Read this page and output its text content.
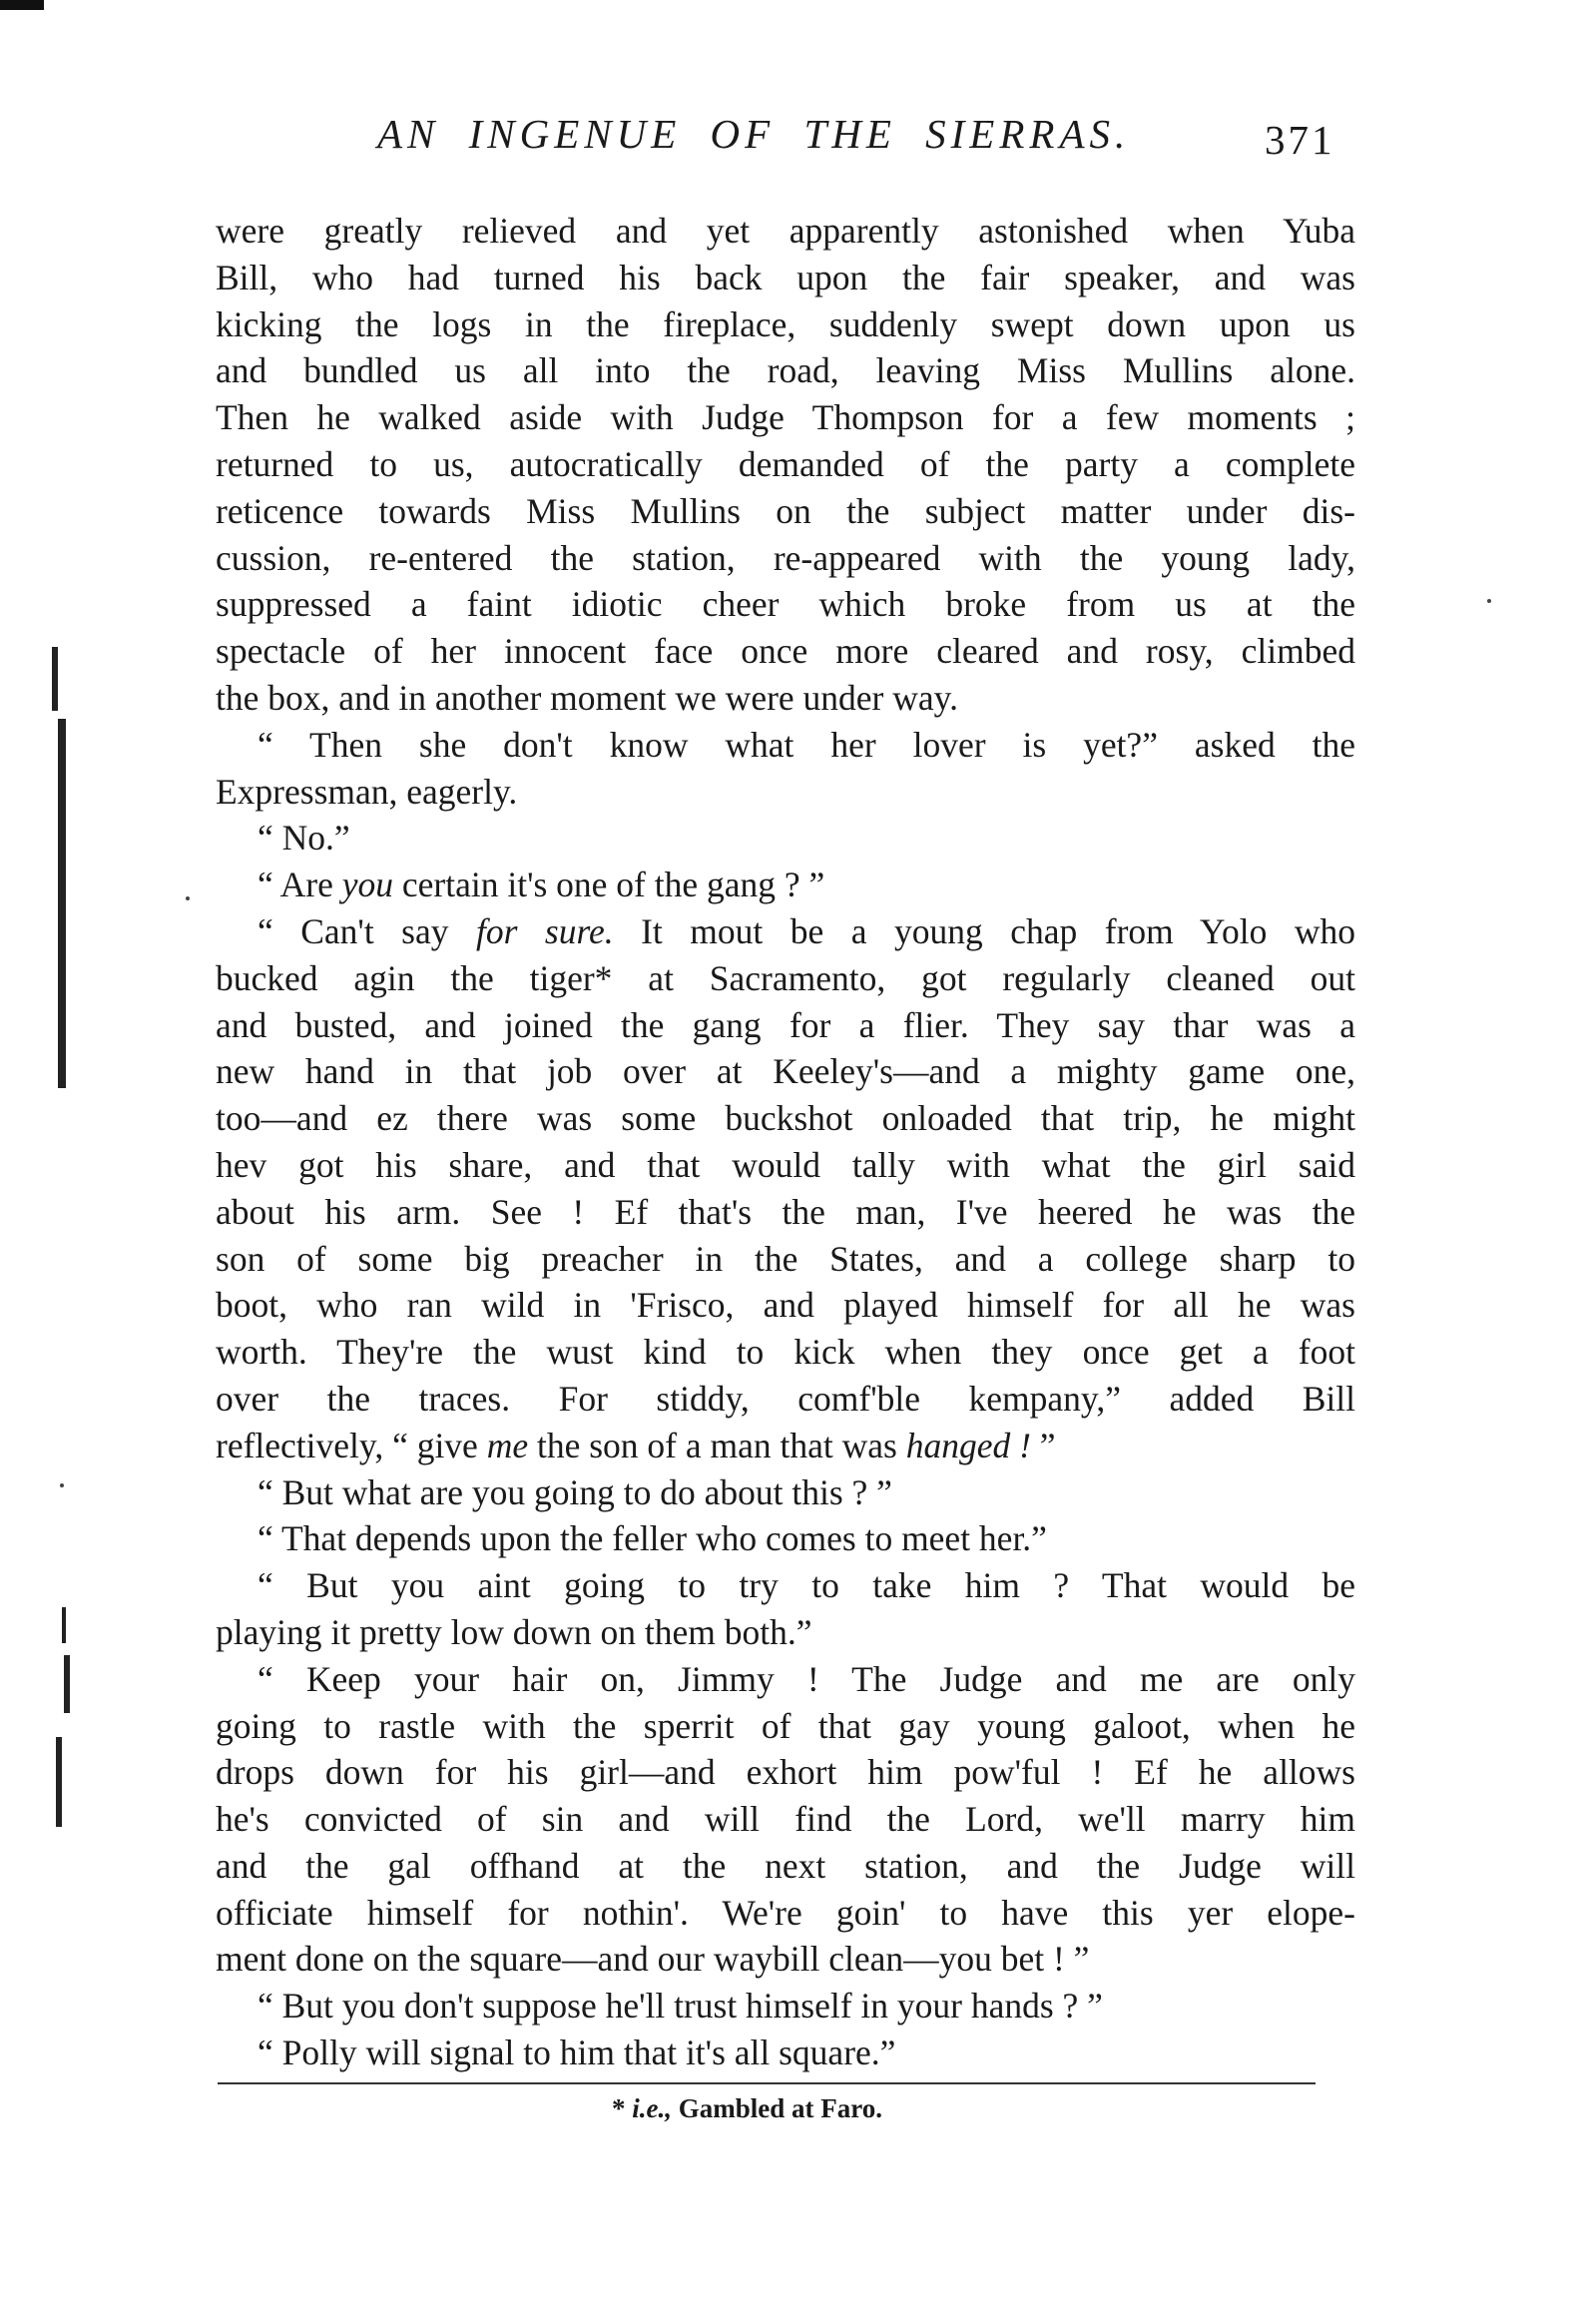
AN INGENUE OF THE SIERRAS.	371
were greatly relieved and yet apparently astonished when Yuba
Bill, who had turned his back upon the fair speaker, and was
kicking the logs in the fireplace, suddenly swept down upon us
and bundled us all into the road, leaving Miss Mullins alone.
Then he walked aside with Judge Thompson for a few moments ;
returned to us, autocratically demanded of the party a complete
reticence towards Miss Mullins on the subject matter under dis-
cussion, re-entered the station, re-appeared with the young lady,
suppressed a faint idiotic cheer which broke from us at the
spectacle of her innocent face once more cleared and rosy, climbed
the box, and in another moment we were under way.
“ Then she don't know what her lover is yet?” asked the
Expressman, eagerly.
“ No.”
“ Are you certain it's one of the gang ? ”
“ Can't say for sure. It mout be a young chap from Yolo who
bucked agin the tiger* at Sacramento, got regularly cleaned out
and busted, and joined the gang for a flier. They say thar was a
new hand in that job over at Keeley's—and a mighty game one,
too—and ez there was some buckshot onloaded that trip, he might
hev got his share, and that would tally with what the girl said
about his arm. See ! Ef that's the man, I've heered he was the
son of some big preacher in the States, and a college sharp to
boot, who ran wild in 'Frisco, and played himself for all he was
worth. They're the wust kind to kick when they once get a foot
over the traces. For stiddy, comf'ble kempany,” added Bill
reflectively, “ give me the son of a man that was hanged ! ”
“ But what are you going to do about this ? ”
“ That depends upon the feller who comes to meet her.”
“ But you aint going to try to take him ? That would be
playing it pretty low down on them both.”
“ Keep your hair on, Jimmy ! The Judge and me are only
going to rastle with the sperrit of that gay young galoot, when he
drops down for his girl—and exhort him pow'ful ! Ef he allows
he's convicted of sin and will find the Lord, we'll marry him
and the gal offhand at the next station, and the Judge will
officiate himself for nothin'. We're goin' to have this yer elope-
ment done on the square—and our waybill clean—you bet ! ”
“ But you don't suppose he'll trust himself in your hands ? ”
“ Polly will signal to him that it's all square.”
* i.e., Gambled at Faro.
